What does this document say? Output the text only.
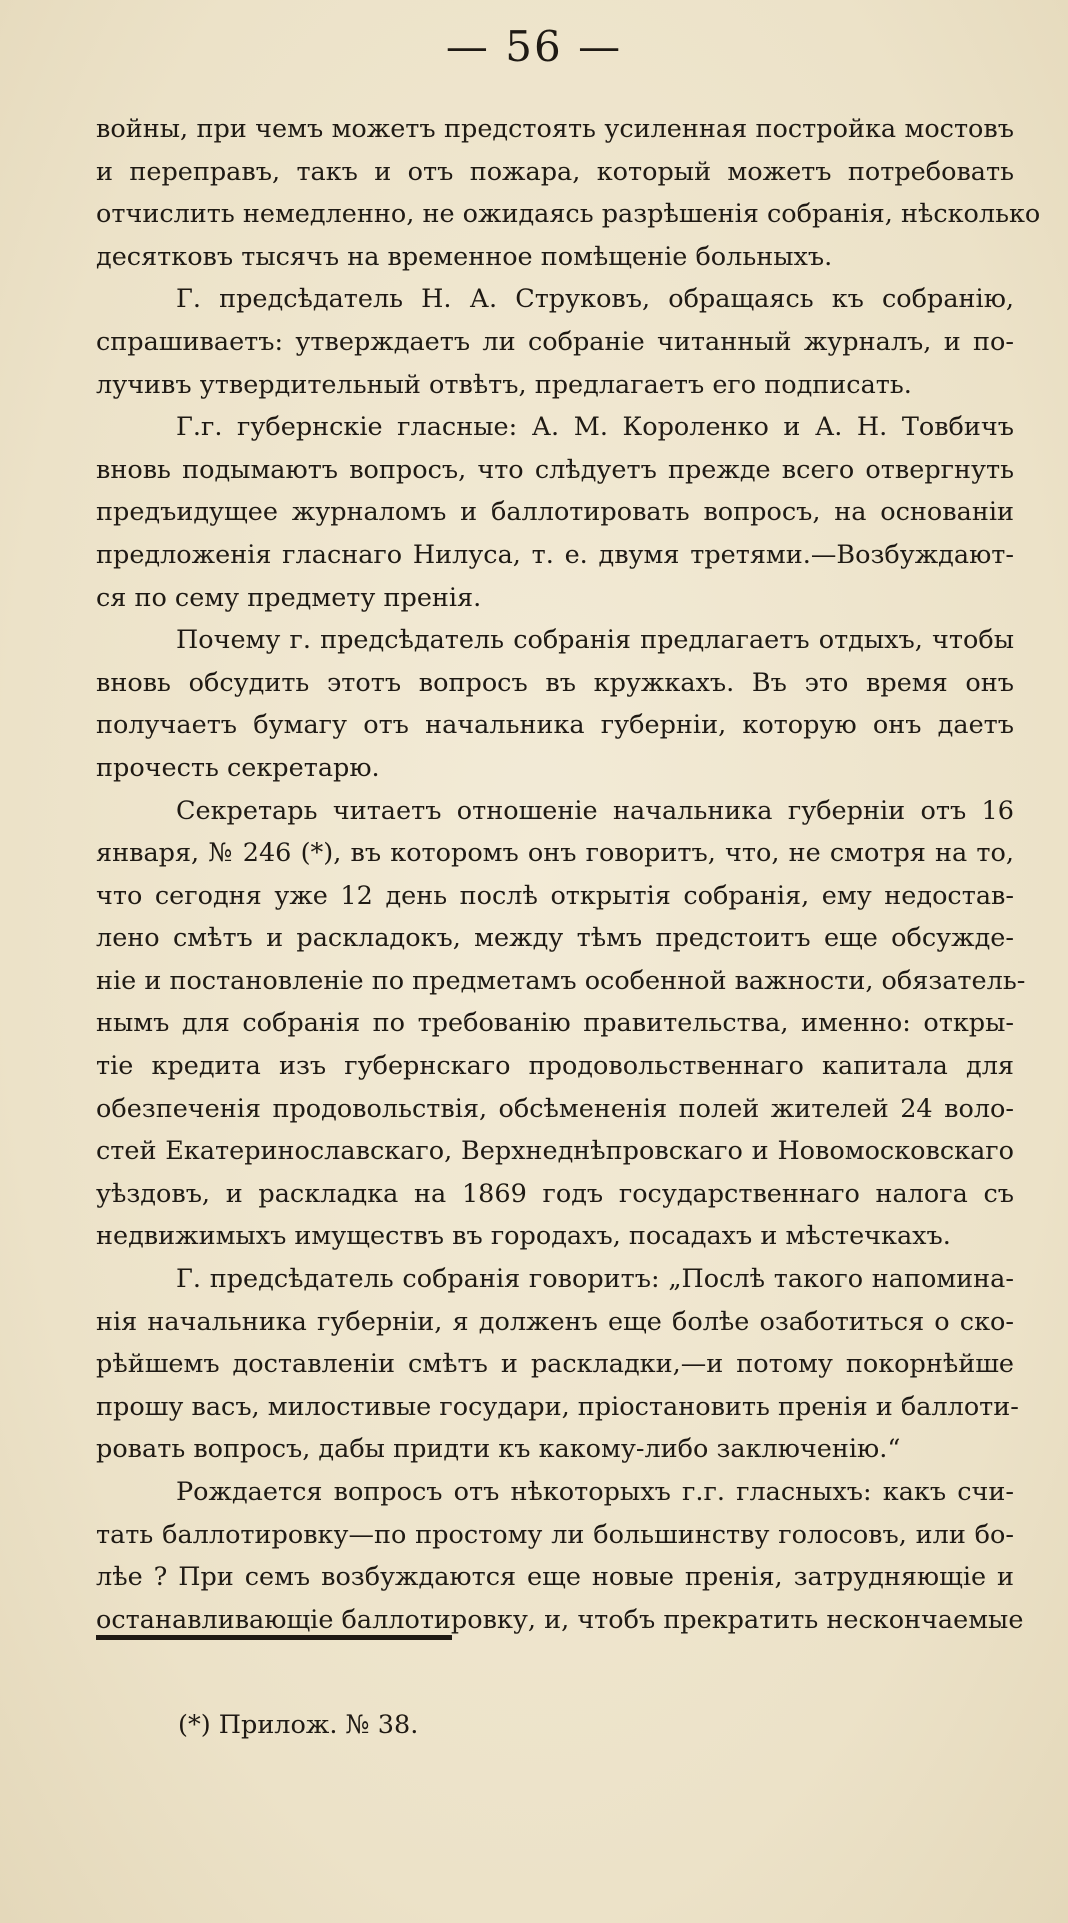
— 56 —
войны, при чемъ можетъ предстоять усиленная постройка мостовъ
и переправъ, такъ и отъ пожара, который можетъ потребовать
отчислить немедленно, не ожидаясь разрѣшенія собранія, нѣсколько
десятковъ тысячъ на временное помѣщеніе больныхъ.
Г. предсѣдатель Н. А. Струковъ, обращаясь къ собранію,
спрашиваетъ: утверждаетъ ли собраніе читанный журналъ, и по-
лучивъ утвердительный отвѣтъ, предлагаетъ его подписать.
Г.г. губернскіе гласные: А. М. Короленко и А. Н. Товбичъ
вновь подымаютъ вопросъ, что слѣдуетъ прежде всего отвергнуть
предъидущее журналомъ и баллотировать вопросъ, на основаніи
предложенія гласнаго Нилуса, т. е. двумя третями.—Возбуждают-
ся по сему предмету пренія.
Почему г. предсѣдатель собранія предлагаетъ отдыхъ, чтобы
вновь обсудить этотъ вопросъ въ кружкахъ. Въ это время онъ
получаетъ бумагу отъ начальника губерніи, которую онъ даетъ
прочесть секретарю.
Секретарь читаетъ отношеніе начальника губерніи отъ 16
января, № 246 (*), въ которомъ онъ говоритъ, что, не смотря на то,
что сегодня уже 12 день послѣ открытія собранія, ему недостав-
лено смѣтъ и раскладокъ, между тѣмъ предстоитъ еще обсужде-
ніе и постановленіе по предметамъ особенной важности, обязатель-
нымъ для собранія по требованію правительства, именно: откры-
тіе кредита изъ губернскаго продовольственнаго капитала для
обезпеченія продовольствія, обсѣмененія полей жителей 24 воло-
стей Екатеринославскаго, Верхнеднѣпровскаго и Новомосковскаго
уѣздовъ, и раскладка на 1869 годъ государственнаго налога съ
недвижимыхъ имуществъ въ городахъ, посадахъ и мѣстечкахъ.
Г. предсѣдатель собранія говоритъ: „Послѣ такого напомина-
нія начальника губерніи, я долженъ еще болѣе озаботиться о ско-
рѣйшемъ доставленіи смѣтъ и раскладки,—и потому покорнѣйше
прошу васъ, милостивые государи, пріостановить пренія и баллоти-
ровать вопросъ, дабы придти къ какому-либо заключенію.“
Рождается вопросъ отъ нѣкоторыхъ г.г. гласныхъ: какъ счи-
тать баллотировку—по простому ли большинству голосовъ, или бо-
лѣе ? При семъ возбуждаются еще новые пренія, затрудняющіе и
останавливающіе баллотировку, и, чтобъ прекратить нескончаемые
(*) Прилож. № 38.
